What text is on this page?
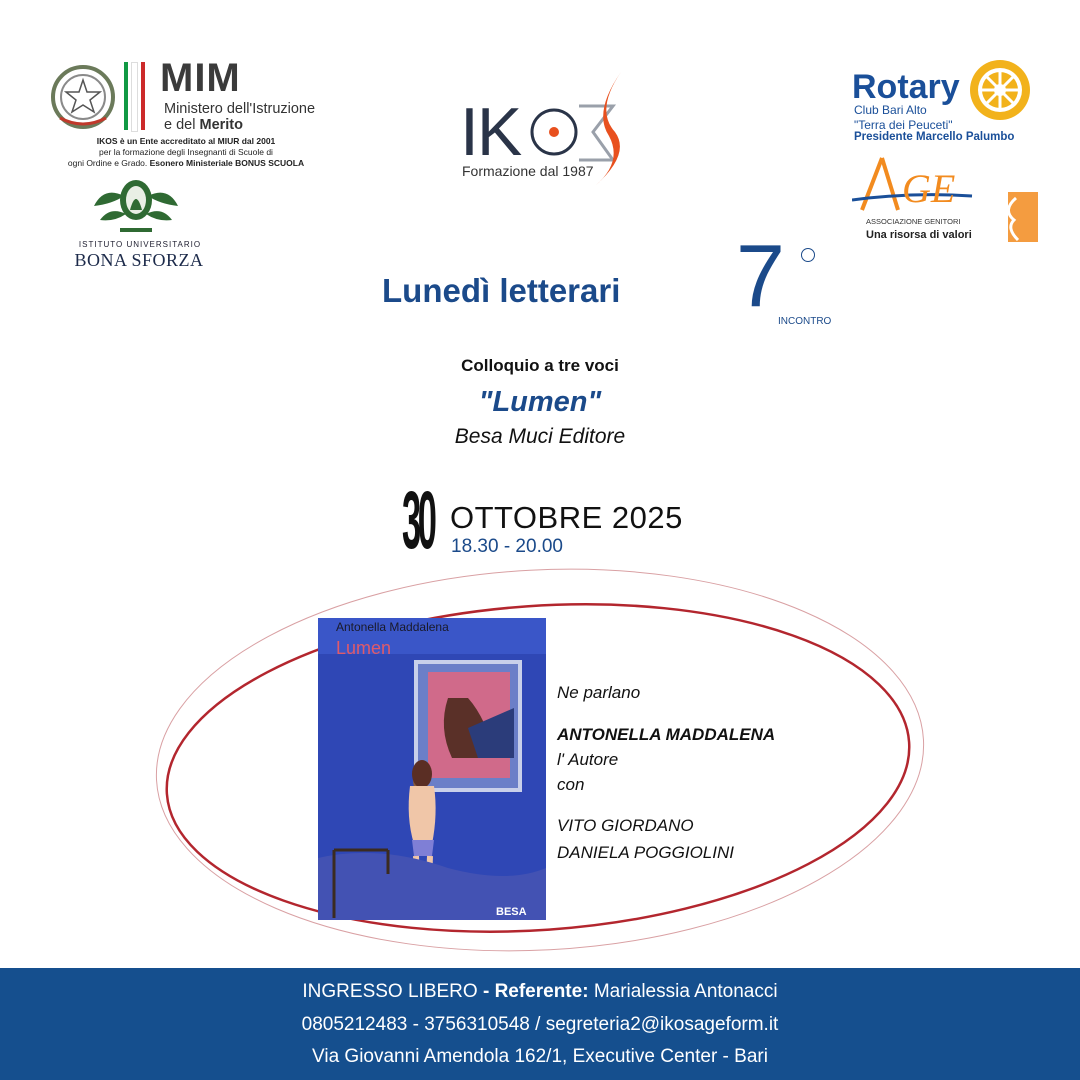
MIM
Ministero dell'Istruzione
e del Merito
IKOS è un Ente accreditato al MIUR dal 2001
per la formazione degli Insegnanti di Scuole di
ogni Ordine e Grado. Esonero Ministeriale BONUS SCUOLA
ISTITUTO UNIVERSITARIO
BONA SFORZA
IK
Formazione dal 1987
Rotary
Club Bari Alto
"Terra dei Peuceti"
Presidente Marcello Palumbo
GE
ASSOCIAZIONE GENITORI
Una risorsa di valori
Lunedì letterari 7
INCONTRO
Colloquio a tre voci
"Lumen"
Besa Muci Editore
30 OTTOBRE 2025
18.30 - 20.00
Antonella Maddalena
Lumen
BESA
Ne parlano
ANTONELLA MADDALENA
l' Autore
con
VITO GIORDANO
DANIELA POGGIOLINI
INGRESSO LIBERO - Referente: Marialessia Antonacci
0805212483 - 3756310548 / segreteria2@ikosageform.it
Via Giovanni Amendola 162/1, Executive Center - Bari
